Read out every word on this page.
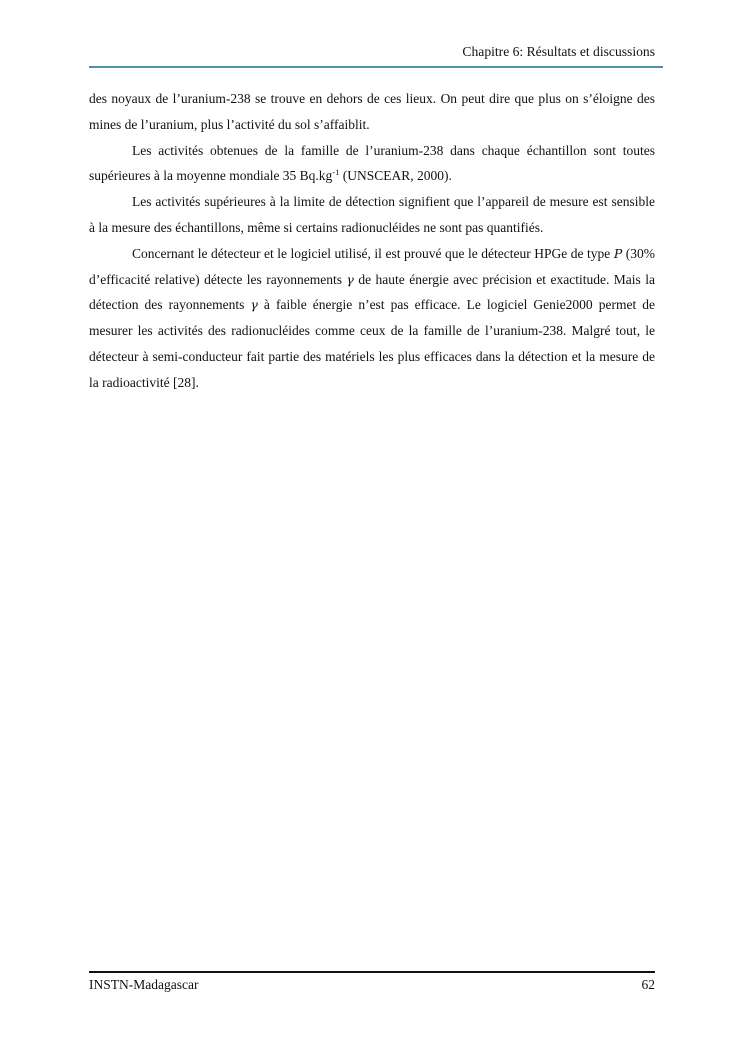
Chapitre 6: Résultats et discussions

des noyaux de l’uranium-238 se trouve en dehors de ces lieux. On peut dire que plus on s’éloigne des mines de l’uranium, plus l’activité du sol s’affaiblit.

Les activités obtenues de la famille de l’uranium-238 dans chaque échantillon sont toutes supérieures à la moyenne mondiale 35 $Bq.kg^{-1}$ (UNSCEAR, 2000).

Les activités supérieures à la limite de détection signifient que l’appareil de mesure est sensible à la mesure des échantillons, même si certains radionucléides ne sont pas quantifiés.

Concernant le détecteur et le logiciel utilisé, il est prouvé que le détecteur HPGe de type P (30% d’efficacité relative) détecte les rayonnements γ de haute énergie avec précision et exactitude. Mais la détection des rayonnements γ à faible énergie n’est pas efficace. Le logiciel Genie2000 permet de mesurer les activités des radionucléides comme ceux de la famille de l’uranium-238. Malgré tout, le détecteur à semi-conducteur fait partie des matériels les plus efficaces dans la détection et la mesure de la radioactivité [28].

INSTN-Madagascar	62
